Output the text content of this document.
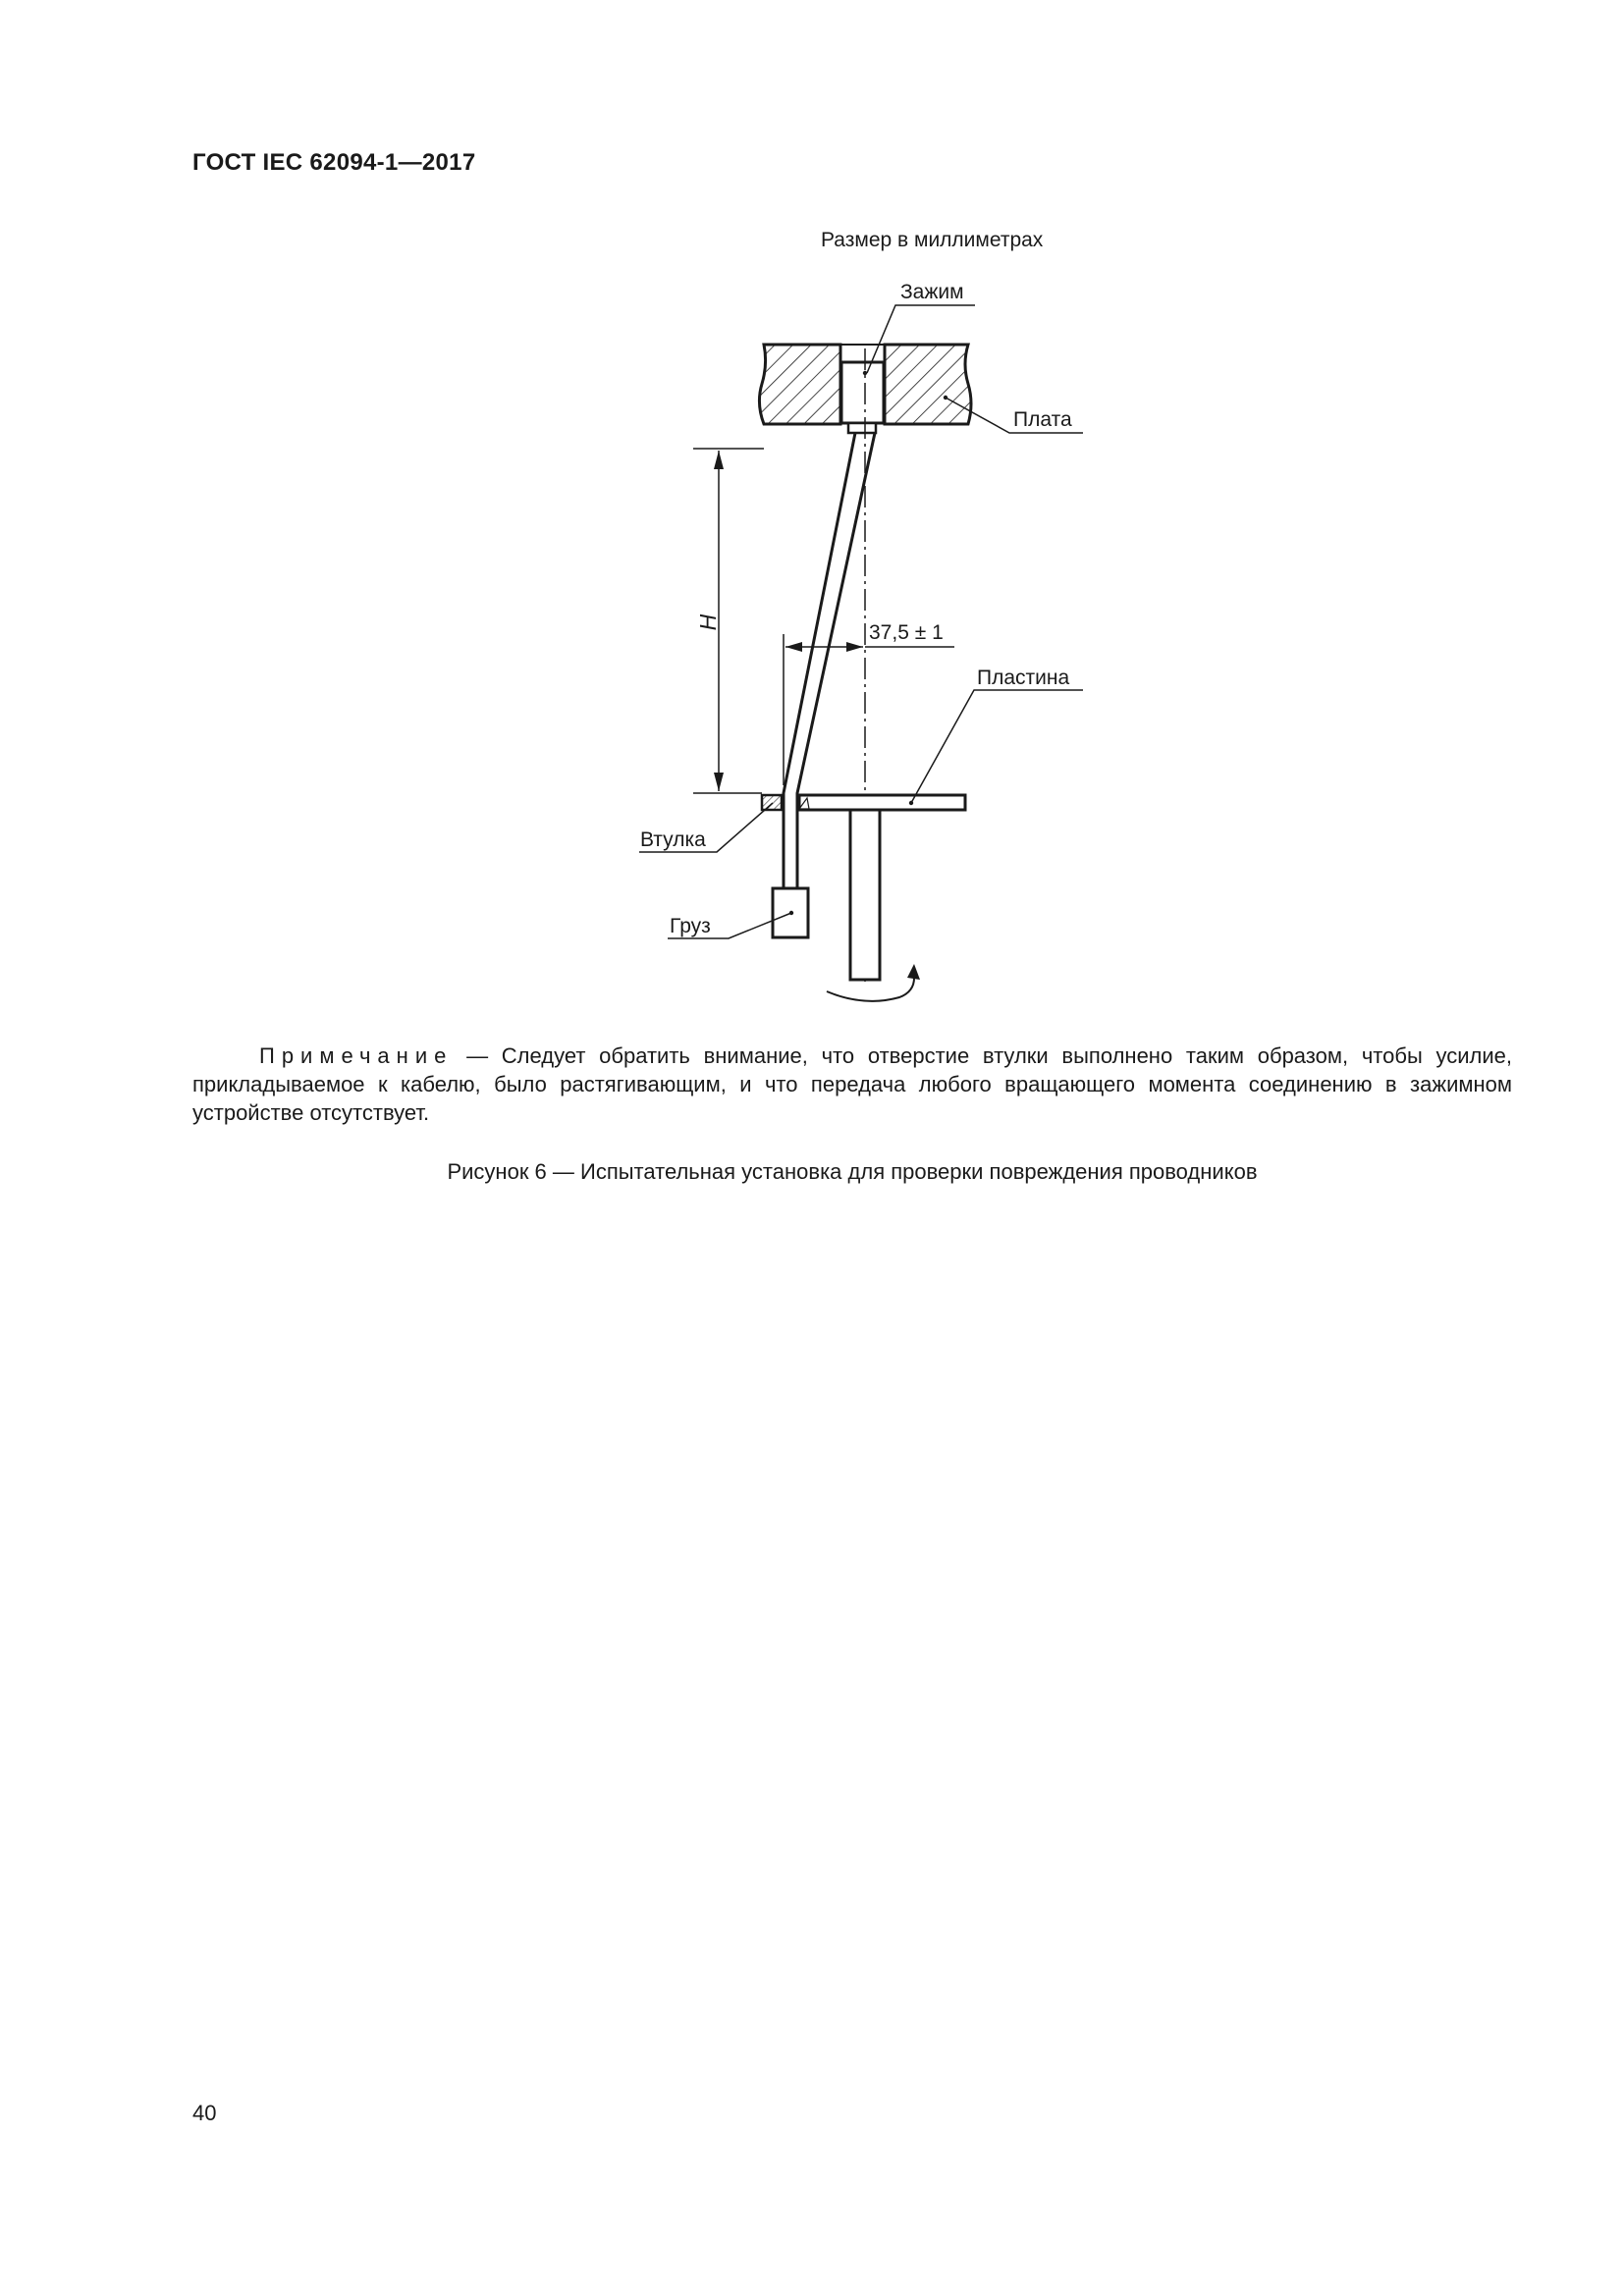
ГОСТ IEC 62094-1—2017
Размер в миллиметрах
H	37,5 ± 1
Зажим
Плата
Пластина
Втулка
Груз
Примечание — Следует обратить внимание, что отверстие втулки выполнено таким образом, чтобы усилие, прикладываемое к кабелю, было растягивающим, и что передача любого вращающего момента соединению в зажимном устройстве отсутствует.
Рисунок 6 — Испытательная установка для проверки повреждения проводников
40
